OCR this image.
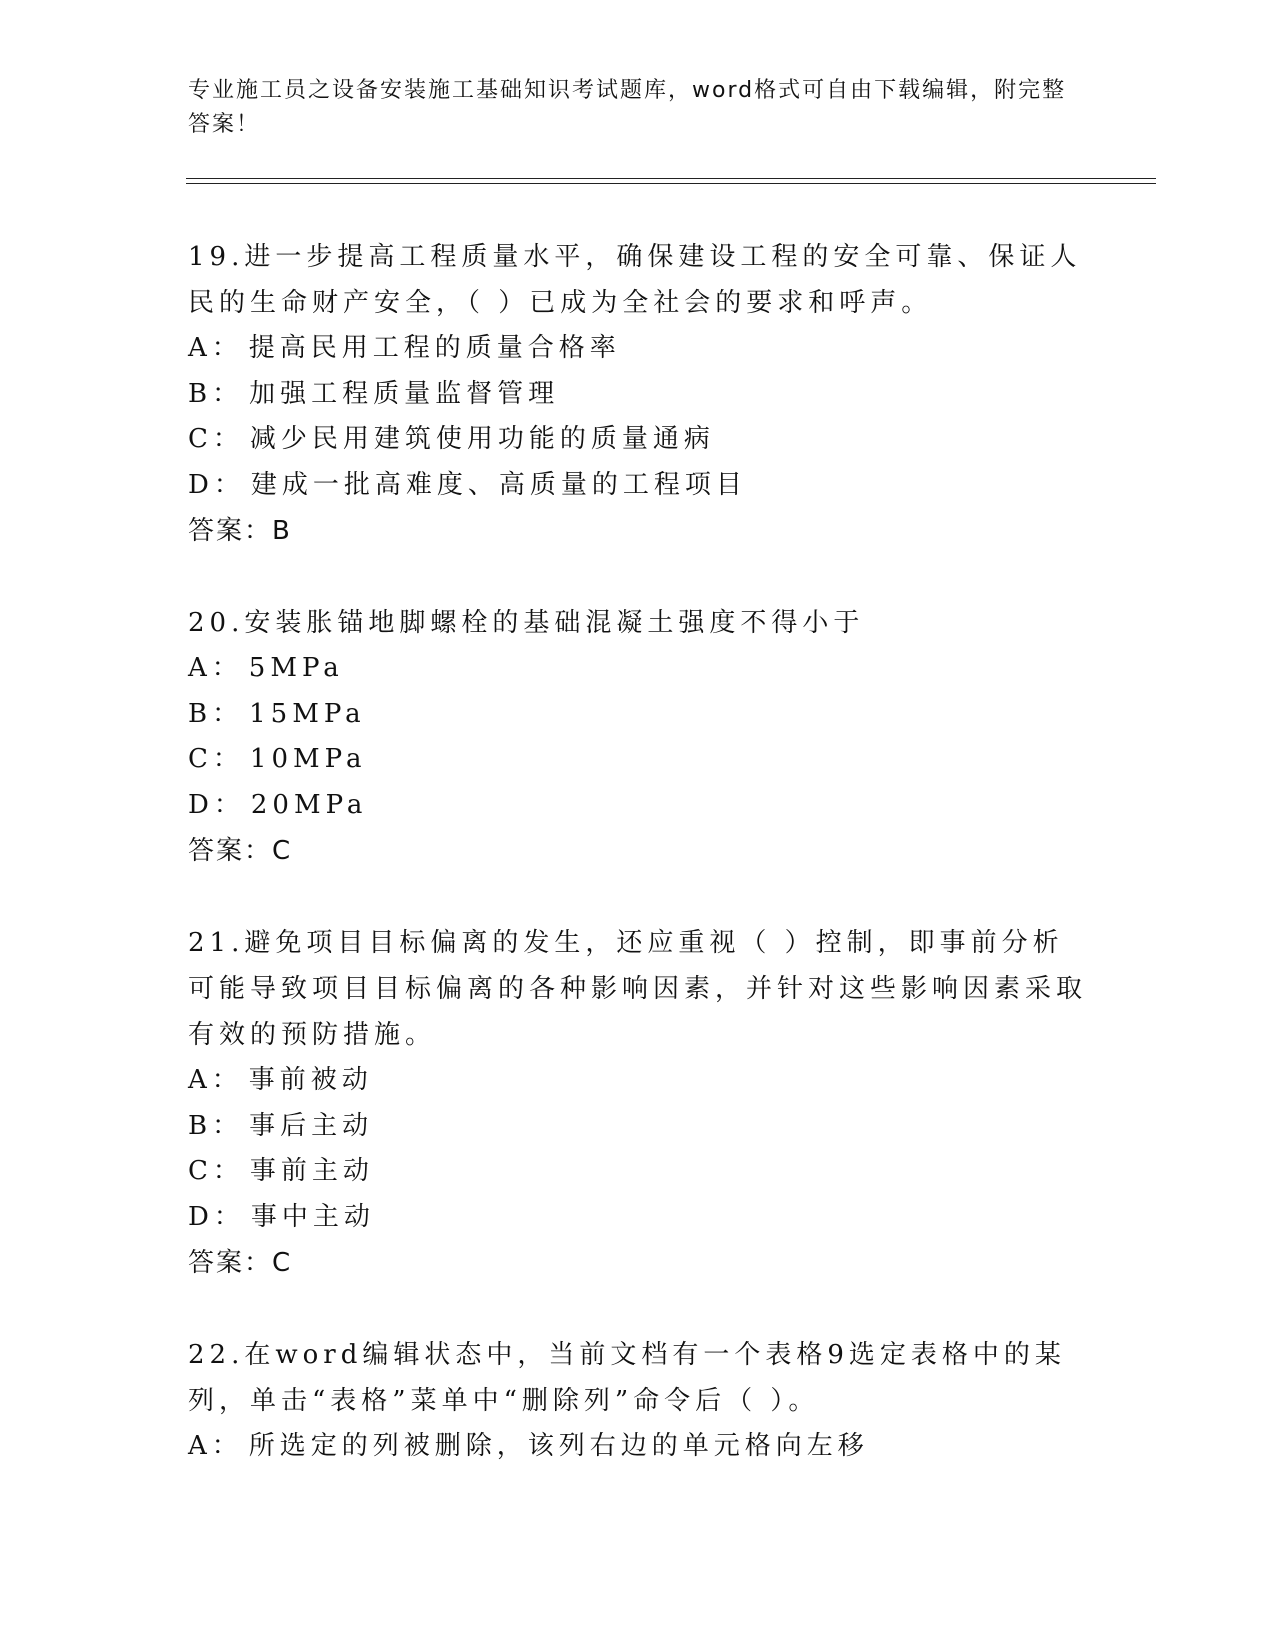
专业施工员之设备安装施工基础知识考试题库，word格式可自由下载编辑，附完整答案！

19.进一步提高工程质量水平，确保建设工程的安全可靠、保证人民的生命财产安全，（ ）已成为全社会的要求和呼声。

A： 提高民用工程的质量合格率

B： 加强工程质量监督管理

C： 减少民用建筑使用功能的质量通病

D： 建成一批高难度、高质量的工程项目

答案：B

20.安装胀锚地脚螺栓的基础混凝土强度不得小于

A： 5MPa

B： 15MPa

C： 10MPa

D： 20MPa

答案：C

21.避免项目目标偏离的发生，还应重视（ ）控制，即事前分析可能导致项目目标偏离的各种影响因素，并针对这些影响因素采取有效的预防措施。

A： 事前被动

B： 事后主动

C： 事前主动

D： 事中主动

答案：C

22.在word编辑状态中，当前文档有一个表格9选定表格中的某列，单击“表格”菜单中“删除列”命令后（ ）。

A： 所选定的列被删除，该列右边的单元格向左移
